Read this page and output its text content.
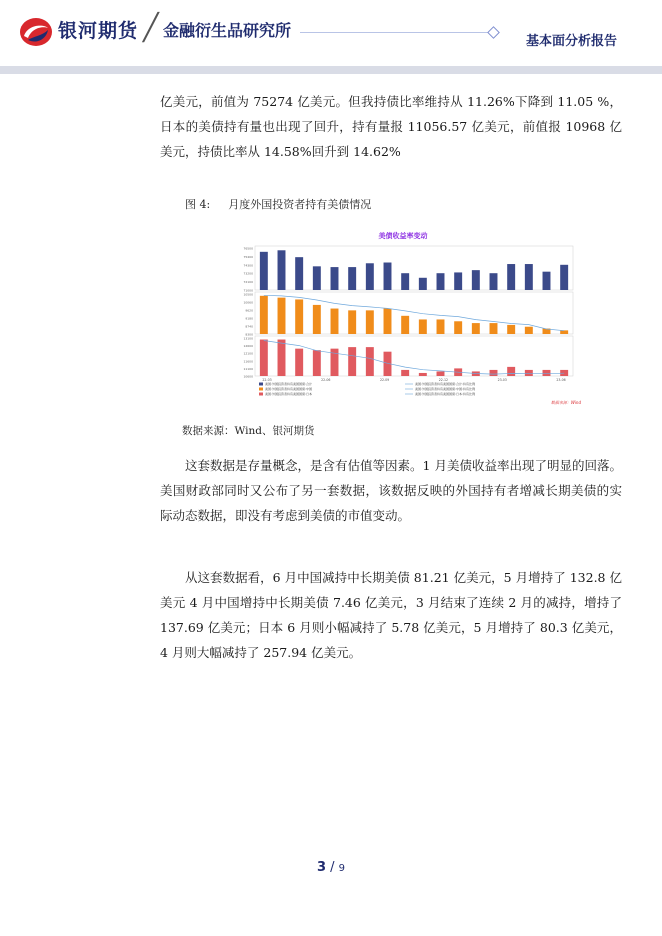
银河期货 ╱ 金融衍生品研究所
基本面分析报告

亿美元，前值为 75274 亿美元。但我持债比率维持从 11.26%下降到 11.05 %，日本的美债持有量也出现了回升，持有量报 11056.57 亿美元，前值报 10968 亿美元，持债比率从 14.58%回升到 14.62%

图 4: 月度外国投资者持有美债情况
美债收益率变动
71000
72100
73200
74300
75400
76500
8300
8740
9180
9620
10060
10500
10600
11100
11600
12100
12600
13100
22-03	22-06	22-09	22-12	23-03	23-06
美国:外国投资者持有美国国债:合计	美国:外国投资者持有美国国债:合计:持有比例
美国:外国投资者持有美国国债:中国	美国:外国投资者持有美国国债:中国:持有比例
美国:外国投资者持有美国国债:日本	美国:外国投资者持有美国国债:日本:持有比例
数据来源：Wind
数据来源：Wind、银河期货

这套数据是存量概念，是含有估值等因素。1 月美债收益率出现了明显的回落。美国财政部同时又公布了另一套数据，该数据反映的外国持有者增减长期美债的实际动态数据，即没有考虑到美债的市值变动。

从这套数据看，6 月中国减持中长期美债 81.21 亿美元，5 月增持了 132.8 亿美元 4 月中国增持中长期美债 7.46 亿美元，3 月结束了连续 2 月的减持，增持了 137.69 亿美元；日本 6 月则小幅减持了 5.78 亿美元，5 月增持了 80.3 亿美元，4 月则大幅减持了 257.94 亿美元。

3 / 9
